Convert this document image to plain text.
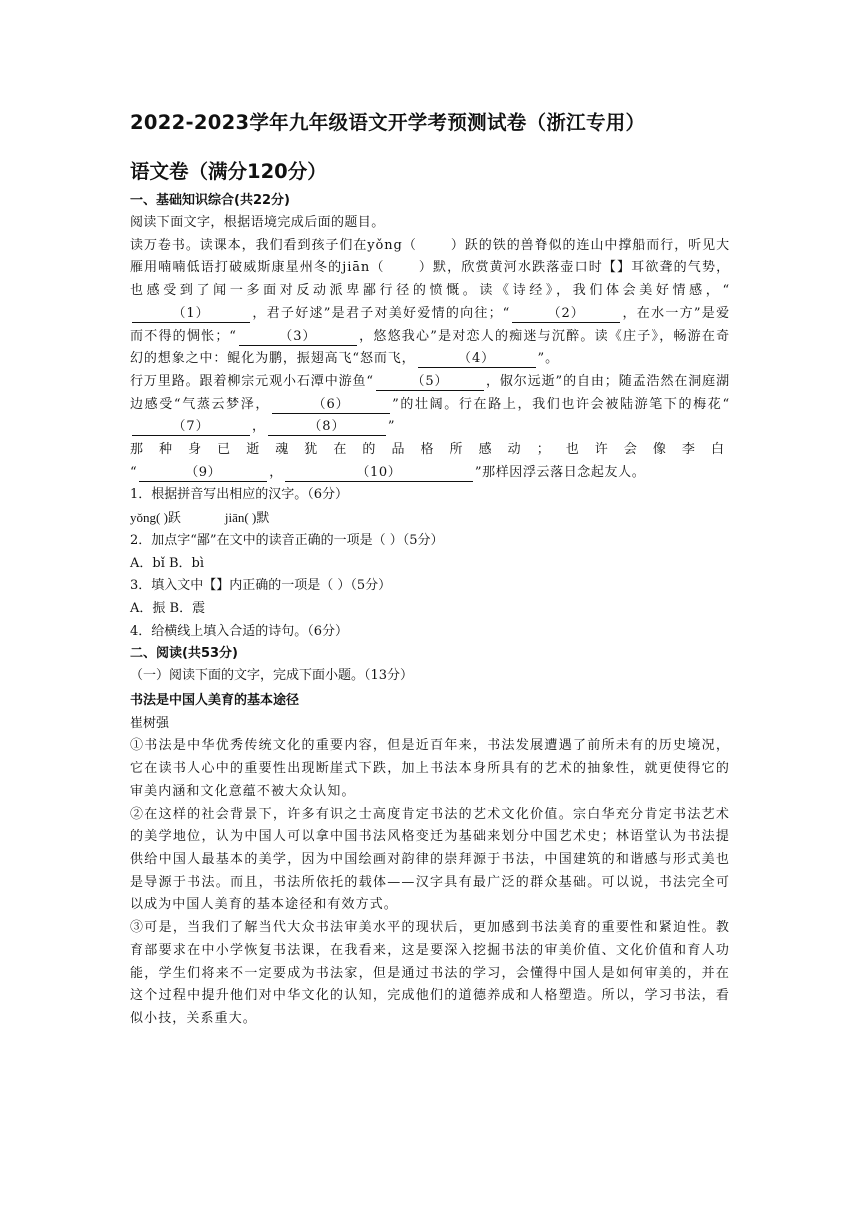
2022-2023学年九年级语文开学考预测试卷（浙江专用）
语文卷（满分120分）
一、基础知识综合(共22分)

阅读下面文字，根据语境完成后面的题目。

读万卷书。读课本，我们看到孩子们在yǒng（	）跃的铁的兽脊似的连山中撑船而行，听见大雁用喃喃低语打破威斯康星州冬的jiān（	）默，欣赏黄河水跌落壶口时【】耳欲聋的气势，也感受到了闻一多面对反动派卑鄙行径的愤慨。读《诗经》，我们体会美好情感，“（1）	，君子好逑”是君子对美好爱情的向往；“	（2）	，在水一方”是爱而不得的惆怅；“	（3）	，悠悠我心”是对恋人的痴迷与沉醉。读《庄子》，畅游在奇幻的想象之中：鲲化为鹏，振翅高飞“怒而飞，	（4）	”。

行万里路。跟着柳宗元观小石潭中游鱼“	（5）	，俶尔远逝”的自由；随孟浩然在洞庭湖边感受“气蒸云梦泽，	（6）	”的壮阔。行在路上，我们也许会被陆游笔下的梅花“（7）	，	（8）	”

那种身已逝魂犹在的品格所感动；也许会像李白
“	（9）	，	（10）	”那样因浮云落日念起友人。
1．根据拼音写出相应的汉字。（6分）
yǒng( )跃	jiān( )默
2．加点字“鄙”在文中的读音正确的一项是（ ）（5分）
A．bǐ B．bì
3．填入文中【】内正确的一项是（ ）（5分）
A．振 B．震
4．给横线上填入合适的诗句。（6分）
二、阅读(共53分)
（一）阅读下面的文字，完成下面小题。（13分）
书法是中国人美育的基本途径
崔树强

①书法是中华优秀传统文化的重要内容，但是近百年来，书法发展遭遇了前所未有的历史境况，它在读书人心中的重要性出现断崖式下跌，加上书法本身所具有的艺术的抽象性，就更使得它的审美内涵和文化意蕴不被大众认知。

②在这样的社会背景下，许多有识之士高度肯定书法的艺术文化价值。宗白华充分肯定书法艺术的美学地位，认为中国人可以拿中国书法风格变迁为基础来划分中国艺术史；林语堂认为书法提供给中国人最基本的美学，因为中国绘画对韵律的崇拜源于书法，中国建筑的和谐感与形式美也是导源于书法。而且，书法所依托的载体——汉字具有最广泛的群众基础。可以说，书法完全可以成为中国人美育的基本途径和有效方式。

③可是，当我们了解当代大众书法审美水平的现状后，更加感到书法美育的重要性和紧迫性。教育部要求在中小学恢复书法课，在我看来，这是要深入挖掘书法的审美价值、文化价值和育人功能，学生们将来不一定要成为书法家，但是通过书法的学习，会懂得中国人是如何审美的，并在这个过程中提升他们对中华文化的认知，完成他们的道德养成和人格塑造。所以，学习书法，看似小技，关系重大。
